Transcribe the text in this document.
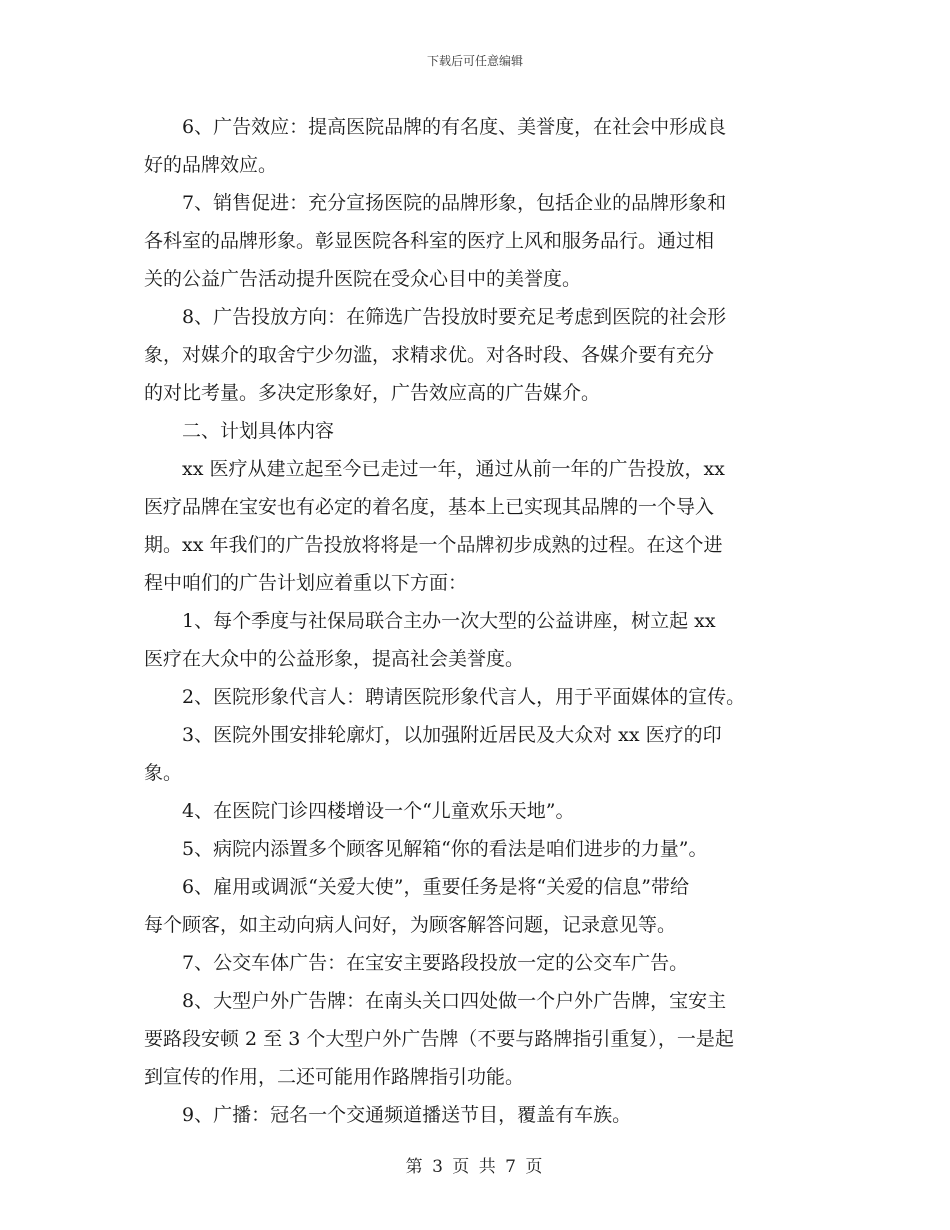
下载后可任意编辑
　　6、广告效应：提高医院品牌的有名度、美誉度，在社会中形成良
好的品牌效应。
　　7、销售促进：充分宣扬医院的品牌形象，包括企业的品牌形象和
各科室的品牌形象。彰显医院各科室的医疗上风和服务品行。通过相
关的公益广告活动提升医院在受众心目中的美誉度。
　　8、广告投放方向：在筛选广告投放时要充足考虑到医院的社会形
象，对媒介的取舍宁少勿滥，求精求优。对各时段、各媒介要有充分
的对比考量。多决定形象好，广告效应高的广告媒介。
　　二、计划具体内容
　　xx 医疗从建立起至今已走过一年，通过从前一年的广告投放，xx
医疗品牌在宝安也有必定的着名度，基本上已实现其品牌的一个导入
期。xx 年我们的广告投放将将是一个品牌初步成熟的过程。在这个进
程中咱们的广告计划应着重以下方面：
　　1、每个季度与社保局联合主办一次大型的公益讲座，树立起 xx
医疗在大众中的公益形象，提高社会美誉度。
　　2、医院形象代言人：聘请医院形象代言人，用于平面媒体的宣传。
　　3、医院外围安排轮廓灯，以加强附近居民及大众对 xx 医疗的印
象。
　　4、在医院门诊四楼增设一个“儿童欢乐天地”。
　　5、病院内添置多个顾客见解箱“你的看法是咱们进步的力量”。
　　6、雇用或调派“关爱大使”，重要任务是将“关爱的信息”带给
每个顾客，如主动向病人问好，为顾客解答问题，记录意见等。
　　7、公交车体广告：在宝安主要路段投放一定的公交车广告。
　　8、大型户外广告牌：在南头关口四处做一个户外广告牌，宝安主
要路段安顿 2 至 3 个大型户外广告牌（不要与路牌指引重复），一是起
到宣传的作用，二还可能用作路牌指引功能。
　　9、广播：冠名一个交通频道播送节目，覆盖有车族。
第 3 页 共 7 页
